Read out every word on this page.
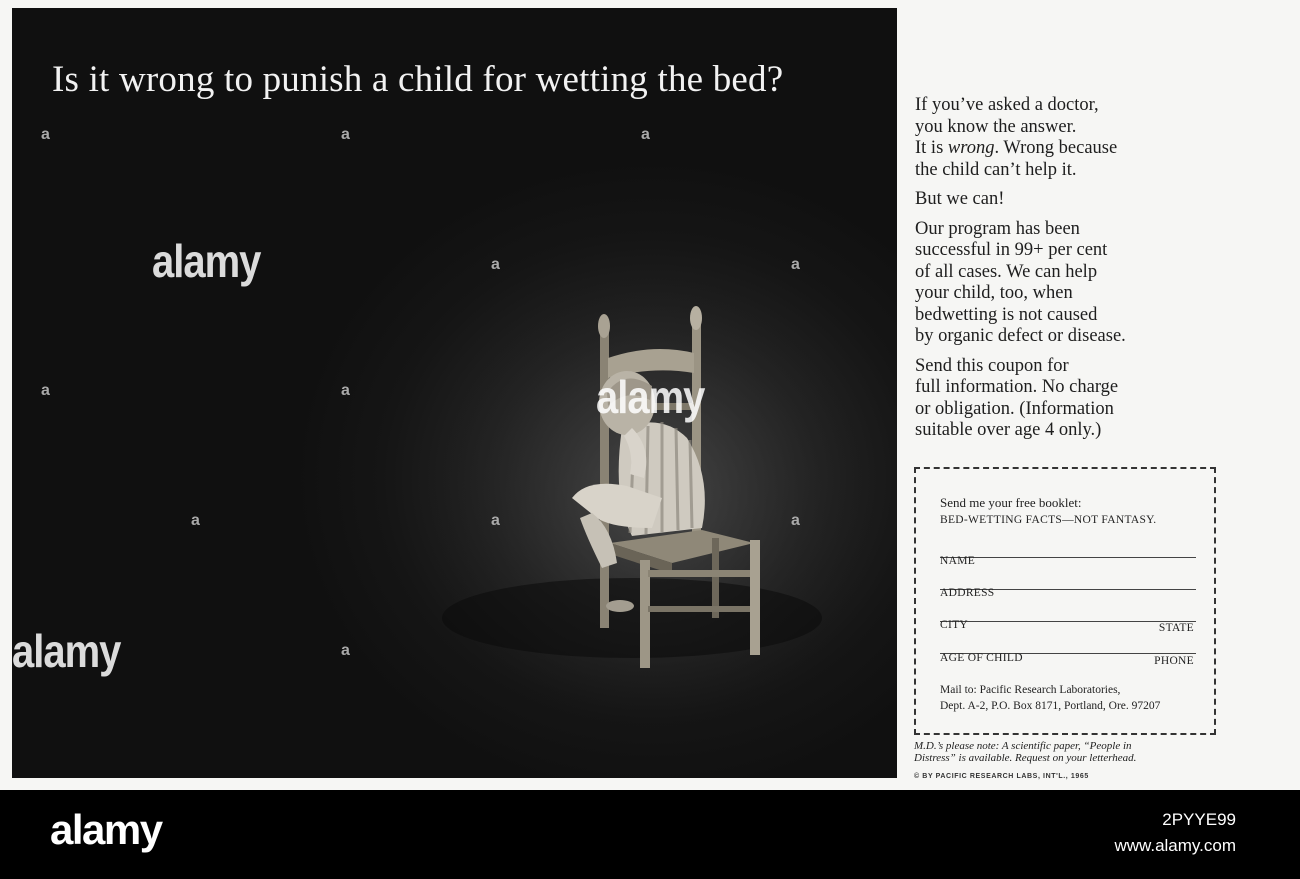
Is it wrong to punish a child for wetting the bed?
alamy
alamy
alamy
a	a	a
a	a
a	a
a	a	a
a

If you’ve asked a doctor,
you know the answer.
It is wrong. Wrong because
the child can’t help it.

But we can!

Our program has been
successful in 99+ per cent
of all cases. We can help
your child, too, when
bedwetting is not caused
by organic defect or disease.

Send this coupon for
full information. No charge
or obligation. (Information
suitable over age 4 only.)

Send me your free booklet:
BED-WETTING FACTS—NOT FANTASY.
NAME
ADDRESS
CITY	STATE
AGE OF CHILD	PHONE
Mail to: Pacific Research Laboratories,
Dept. A-2, P.O. Box 8171, Portland, Ore. 97207
M.D.’s please note: A scientific paper, “People in
Distress” is available. Request on your letterhead.
© BY PACIFIC RESEARCH LABS, INT'L., 1965
alamy	2PYYE99
www.alamy.com
